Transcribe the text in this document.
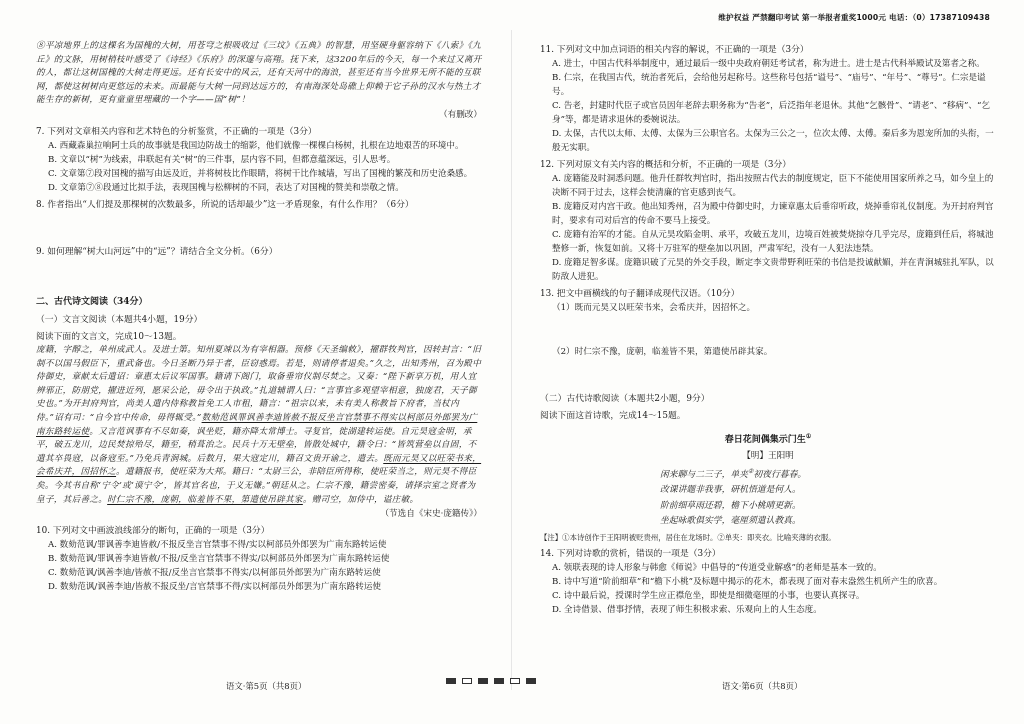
维护权益 严禁翻印考试 第一举报者重奖1000元 电话：（0）17387109438

⑧平凉地界上的这棵名为国槐的大树，用苍穹之根吸收过《三坟》《五典》的智慧，用坚硬身躯容纳下《八索》《九丘》的文脉，用树梢枝叶感受了《诗经》《乐府》的深邃与高翔。抚下来，这3200年后的今天，每一个来过又离开的人，都让这树国槐的大树走得更远。还有长安中的风云，还有天河中的海浪，甚至还有当今世界无所不能的互联网，都使这树树向更悠远的未来。而最能与大树一同到达远方的，有南海深处岛礁上仰赖于它子孙的汉水与热土才能生存的新树，更有童童里埋藏的一个字——国“树”！

（有删改）

7. 下列对文章相关内容和艺术特色的分析鉴赏，不正确的一项是（3分）

A. 西藏森巢拉响阿士兵的故事就是我国边防战士的缩影，他们就像一棵棵白杨树，扎根在边地艰苦的环境中。

B. 文章以“树”为线索，串联起有关“树”的三件事，层内容不同，但都意蕴深远，引人思考。

C. 文章第⑦段对国槐的描写由远及近，并将树枝比作眼睛，将树干比作城墙，写出了国槐的繁茂和历史沧桑感。

D. 文章第⑦⑧段通过比拟手法，表现国槐与松柳树的不同，表达了对国槐的赞美和崇敬之情。

8. 作者指出“人们提及那棵树的次数最多，所说的话却最少”这一矛盾现象，有什么作用？（6分）

9. 如何理解“树大山河远”中的“远”？请结合全文分析。（6分）

二、古代诗文阅读（34分）

（一）文言文阅读（本题共4小题，19分）

阅读下面的文言文，完成10～13题。

庞籍，字醇之，单州成武人。及进士第。知州夏竦以为有宰相器。预修《天圣编敕》，擢群牧判官，因转封言：“旧制不以国马假臣下，重武备也。今日圣断乃异于者，臣窃惑焉。若是，则请停者退矣。”久之，出知秀州，召为殿中侍御史，章献太后遣诏：章惠太后议军国事。籍请下阁门，取备垂帘仪制尽焚之。又奏：“陛下新享万机，用人宜辨邪正，防朋党，擢进近列，愿采公论，毋令出于执政。”扎道辅谓人曰：“言事官多观望宰相意，独庞君，天子御史也。”为开封府判官，尚美人遣内侍称教旨免工人市租，籍言：“祖宗以来，未有美人称教旨下府者，当杖内侍。”诏有司：“自今官中传命，毋得辄受。”数劾范讽罪讽善李迪皆赦不报反坐言官禁事不得实以柯部员外郎罢为广南东路转运使。又言范讽事有不尽如奏，讽坐贬，籍亦降太常博士。寻复官，徙湖建转运使。自元昊寇金明，承平，破五龙川，边民焚掠殆尽，籍至，稍葺治之。民兵十万无壁垒，皆散处城中，籍令曰：“皆筑营垒以自固，不遣其卒畏寇，以备寇至。”乃免兵青涧城。后数月，果大寇定川，籍召文贵开谕之，遣去。既而元昊又以旺荣书来，会希庆并，因招怀之。遣籍报书，使旺荣为大邦。籍曰：“太尉三公，非陪臣所得称，使旺荣当之，则元昊不得臣矣。今其书自称‘宁令’或‘谟宁令’，皆其官名也，于义无嫌。”朝廷从之。仁宗不豫，籍尝密奏，请择宗室之贤者为皇子，其后善之。时仁宗不豫，庞朝，临羞皆不果，第遣使吊辟其家。赠司空，加侍中，谥庄敏。

（节选自《宋史·庞籍传》）

10. 下列对文中画波浪线部分的断句，正确的一项是（3分）

A. 数劾范讽/罪讽善李迪皆赦/不报反坐言官禁事不得/实以柯部员外郎罢为广南东路转运使

B. 数劾范讽/罪讽善李迪皆赦/不报/反坐言官禁事不得实/以柯部员外郎罢为广南东路转运使

C. 数劾范讽/讽善李迪/皆赦不报/反坐言官禁事不得实/以柯部员外郎罢为广南东路转运使

D. 数劾范讽/讽善李迪/皆赦不报反坐/言官禁事不得/实以柯部员外郎罢为广南东路转运使

11. 下列对文中加点词语的相关内容的解说，不正确的一项是（3分）

A. 进士，中国古代科举制度中，通过最后一级中央政府朝廷考试者，称为进士。进士是古代科举殿试及第者之称。

B. 仁宗，在我国古代，统治者死后，会给他另起称号。这些称号包括“谥号”、“庙号”、“年号”、“尊号”。仁宗是谥号。

C. 告老，封建时代臣子或官员因年老辞去职务称为“告老”，后泛指年老退休。其他“乞骸骨”、“请老”、“移病”、“乞身”等，都是请求退休的委婉说法。

D. 太保，古代以太师、太傅、太保为三公职官名。太保为三公之一，位次太傅、太傅。秦后多为恩宠所加的头衔，一般无实职。

12. 下列对原文有关内容的概括和分析，不正确的一项是（3分）

A. 庞籍能及时洞悉问题。他升任群牧判官时，指出按照古代去的制度规定，臣下不能使用国家所养之马，如今皇上的决断不同于过去，这样会使清廉的官吏感到丧气。

B. 庞籍反对内宫干政。他出知秀州，召为殿中侍御史时，力谏章惠太后垂帘听政，烧掉垂帘礼仪制度。为开封府判官时，要求有司对后宫的传命不要马上接受。

C. 庞籍有治军的才能。自从元昊攻陷金明、承平，攻破五龙川，边境百姓被焚烧掠夺几乎完尽，庞籍到任后，将城池整修一新，恢复如前。又将十万驻军的壁垒加以巩固，严肃军纪，没有一人犯法违禁。

D. 庞籍足智多谋。庞籍识破了元昊的外交手段，断定李文贵带野利旺荣的书信是投诚献媚，并在青涧城驻扎军队，以防敌人进犯。

13. 把文中画横线的句子翻译成现代汉语。（10分）

（1）既而元昊又以旺荣书来，会希庆并，因招怀之。

（2）时仁宗不豫，庞朝，临羞皆不果，第遣使吊辟其家。

（二）古代诗歌阅读（本题共2小题，9分）

阅读下面这首诗歌，完成14～15题。

春日花间偶集示门生①

【明】王阳明

闲来聊与二三子，单夹②初夜行暮春。

改课讲题非我事，研机悟道是何人。

阶前细草雨还碧，檐下小桃晴更新。

坐起咏歌俱实学，毫厘须遣认教真。

【注】①本诗创作于王阳明被贬贵州，居住在龙场时。②单夹：即夹衣。比喻夹薄的衣服。

14. 下列对诗歌的赏析，错误的一项是（3分）

A. 领联表现的诗人形象与韩愈《师说》中倡导的“传道受业解惑”的老师是基本一致的。

B. 诗中写道“阶前细草”和“檐下小桃”及标题中揭示的花木，都表现了面对春末盎然生机所产生的欣喜。

C. 诗中最后说，授课时学生应正襟危坐，即使是细微毫厘的小事，也要认真探寻。

D. 全诗借景、借事抒情，表现了师生积极求索、乐观向上的人生态度。

语文·第5页（共8页）	语文·第6页（共8页）
